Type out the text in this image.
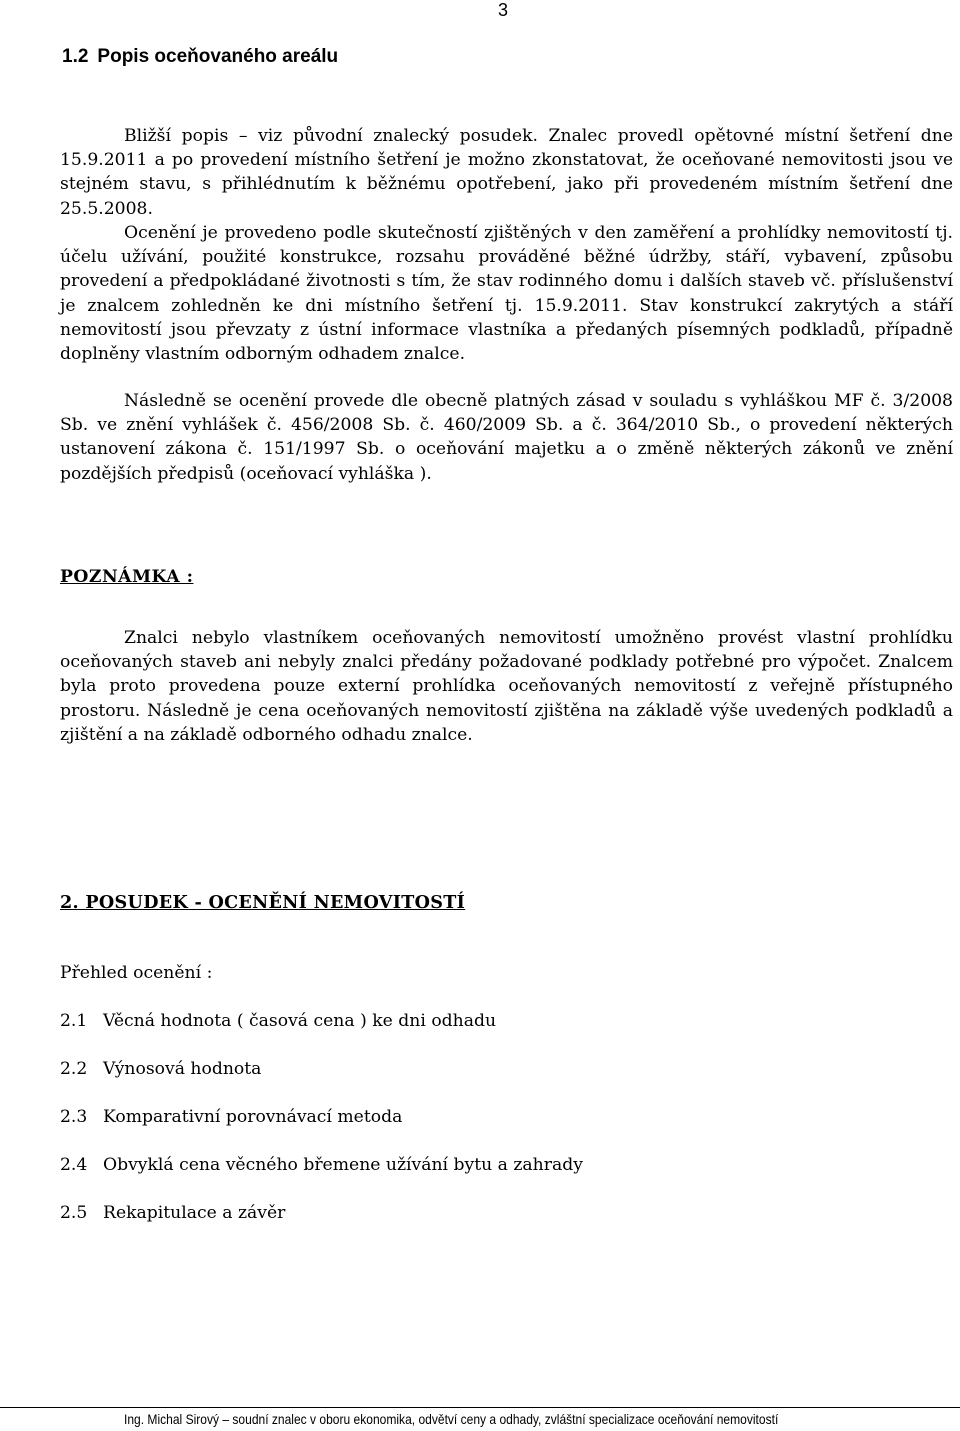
3
1.2 Popis oceňovaného areálu

Bližší popis – viz původní znalecký posudek. Znalec provedl opětovné místní šetření dne 15.9.2011 a po provedení místního šetření je možno zkonstatovat, že oceňované nemovitosti jsou ve stejném stavu, s přihlédnutím k běžnému opotřebení, jako při provedeném místním šetření dne 25.5.2008.

Ocenění je provedeno podle skutečností zjištěných v den zaměření a prohlídky nemovitostí tj. účelu užívání, použité konstrukce, rozsahu prováděné běžné údržby, stáří, vybavení, způsobu provedení a předpokládané životnosti s tím, že stav rodinného domu i dalších staveb vč. příslušenství je znalcem zohledněn ke dni místního šetření tj. 15.9.2011. Stav konstrukcí zakrytých a stáří nemovitostí jsou převzaty z ústní informace vlastníka a předaných písemných podkladů, případně doplněny vlastním odborným odhadem znalce.

Následně se ocenění provede dle obecně platných zásad v souladu s vyhláškou MF č. 3/2008 Sb. ve znění vyhlášek č. 456/2008 Sb. č. 460/2009 Sb. a č. 364/2010 Sb., o provedení některých ustanovení zákona č. 151/1997 Sb. o oceňování majetku a o změně některých zákonů ve znění pozdějších předpisů (oceňovací vyhláška ).

POZNÁMKA :

Znalci nebylo vlastníkem oceňovaných nemovitostí umožněno provést vlastní prohlídku oceňovaných staveb ani nebyly znalci předány požadované podklady potřebné pro výpočet. Znalcem byla proto provedena pouze externí prohlídka oceňovaných nemovitostí z veřejně přístupného prostoru. Následně je cena oceňovaných nemovitostí zjištěna na základě výše uvedených podkladů a zjištění a na základě odborného odhadu znalce.

2. POSUDEK - OCENĚNÍ NEMOVITOSTÍ
Přehled ocenění :
2.1 Věcná hodnota ( časová cena ) ke dni odhadu
2.2 Výnosová hodnota
2.3 Komparativní porovnávací metoda
2.4 Obvyklá cena věcného břemene užívání bytu a zahrady
2.5 Rekapitulace a závěr
Ing. Michal Sirový – soudní znalec v oboru ekonomika, odvětví ceny a odhady, zvláštní specializace oceňování nemovitostí
